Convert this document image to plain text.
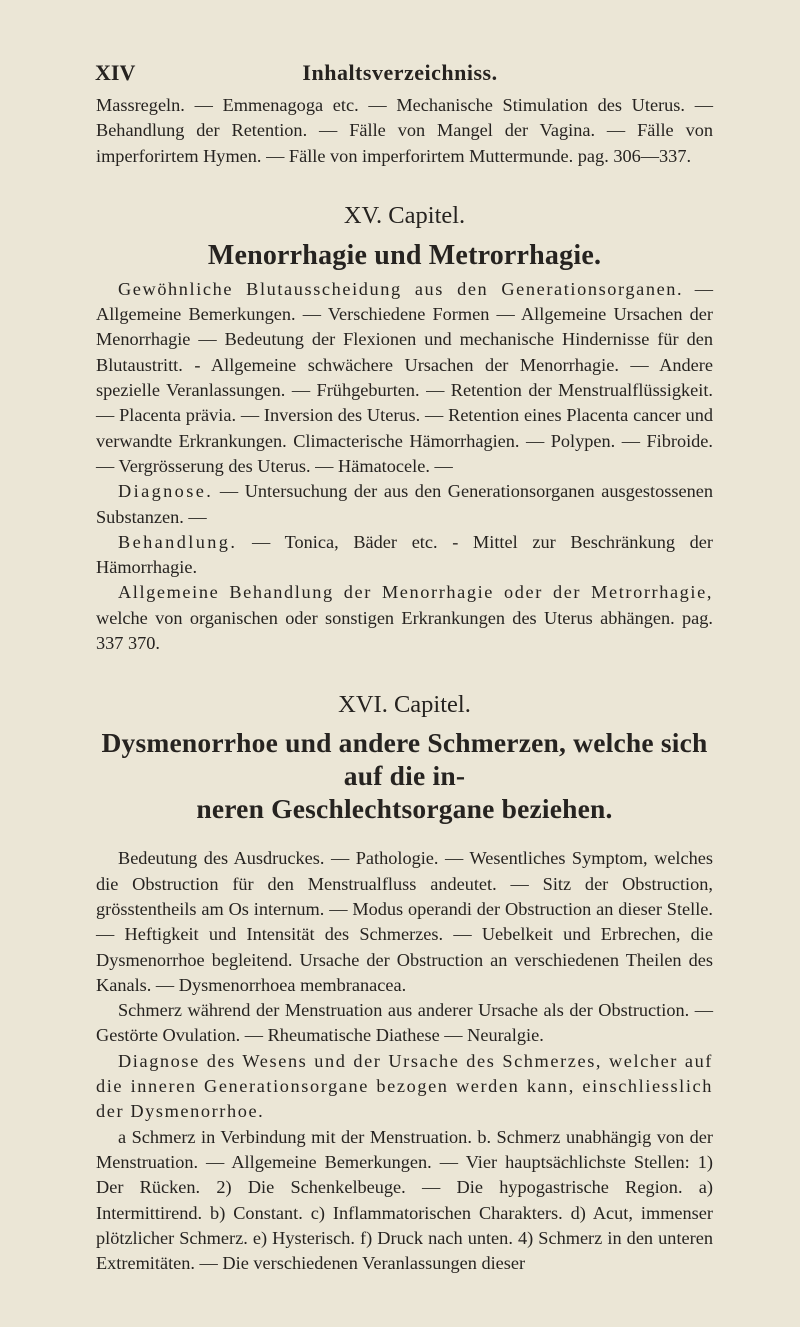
XIV	Inhaltsverzeichniss.

Massregeln. — Emmenagoga etc. — Mechanische Stimulation des Uterus. — Behandlung der Retention. — Fälle von Mangel der Vagina. — Fälle von imperforirtem Hymen. — Fälle von imperforirtem Muttermunde. pag. 306—337.

XV. Capitel.
Menorrhagie und Metrorrhagie.

Gewöhnliche Blutausscheidung aus den Generationsorganen. — Allgemeine Bemerkungen. — Verschiedene Formen — Allgemeine Ursachen der Menorrhagie — Bedeutung der Flexionen und mechanische Hindernisse für den Blutaustritt. - Allgemeine schwächere Ursachen der Menorrhagie. — Andere spezielle Veranlassungen. — Frühgeburten. — Retention der Menstrualflüssigkeit. — Placenta prävia. — Inversion des Uterus. — Retention eines Placenta cancer und verwandte Erkrankungen. Climacterische Hämorrhagien. — Polypen. — Fibroide. — Vergrösserung des Uterus. — Hämatocele. —

Diagnose. — Untersuchung der aus den Generationsorganen ausgestossenen Substanzen. —

Behandlung. — Tonica, Bäder etc. - Mittel zur Beschränkung der Hämorrhagie.

Allgemeine Behandlung der Menorrhagie oder der Metrorrhagie, welche von organischen oder sonstigen Erkrankungen des Uterus abhängen. pag. 337 370.

XVI. Capitel.
Dysmenorrhoe und andere Schmerzen, welche sich auf die in-
neren Geschlechtsorgane beziehen.

Bedeutung des Ausdruckes. — Pathologie. — Wesentliches Symptom, welches die Obstruction für den Menstrualfluss andeutet. — Sitz der Obstruction, grösstentheils am Os internum. — Modus operandi der Obstruction an dieser Stelle. — Heftigkeit und Intensität des Schmerzes. — Uebelkeit und Erbrechen, die Dysmenorrhoe begleitend. Ursache der Obstruction an verschiedenen Theilen des Kanals. — Dysmenorrhoea membranacea.

Schmerz während der Menstruation aus anderer Ursache als der Obstruction. — Gestörte Ovulation. — Rheumatische Diathese — Neuralgie.

Diagnose des Wesens und der Ursache des Schmerzes, welcher auf die inneren Generationsorgane bezogen werden kann, einschliesslich der Dysmenorrhoe.

a Schmerz in Verbindung mit der Menstruation. b. Schmerz unabhängig von der Menstruation. — Allgemeine Bemerkungen. — Vier hauptsächlichste Stellen: 1) Der Rücken. 2) Die Schenkelbeuge. — Die hypogastrische Region. a) Intermittirend. b) Constant. c) Inflammatorischen Charakters. d) Acut, immenser plötzlicher Schmerz. e) Hysterisch. f) Druck nach unten. 4) Schmerz in den unteren Extremitäten. — Die verschiedenen Veranlassungen dieser
